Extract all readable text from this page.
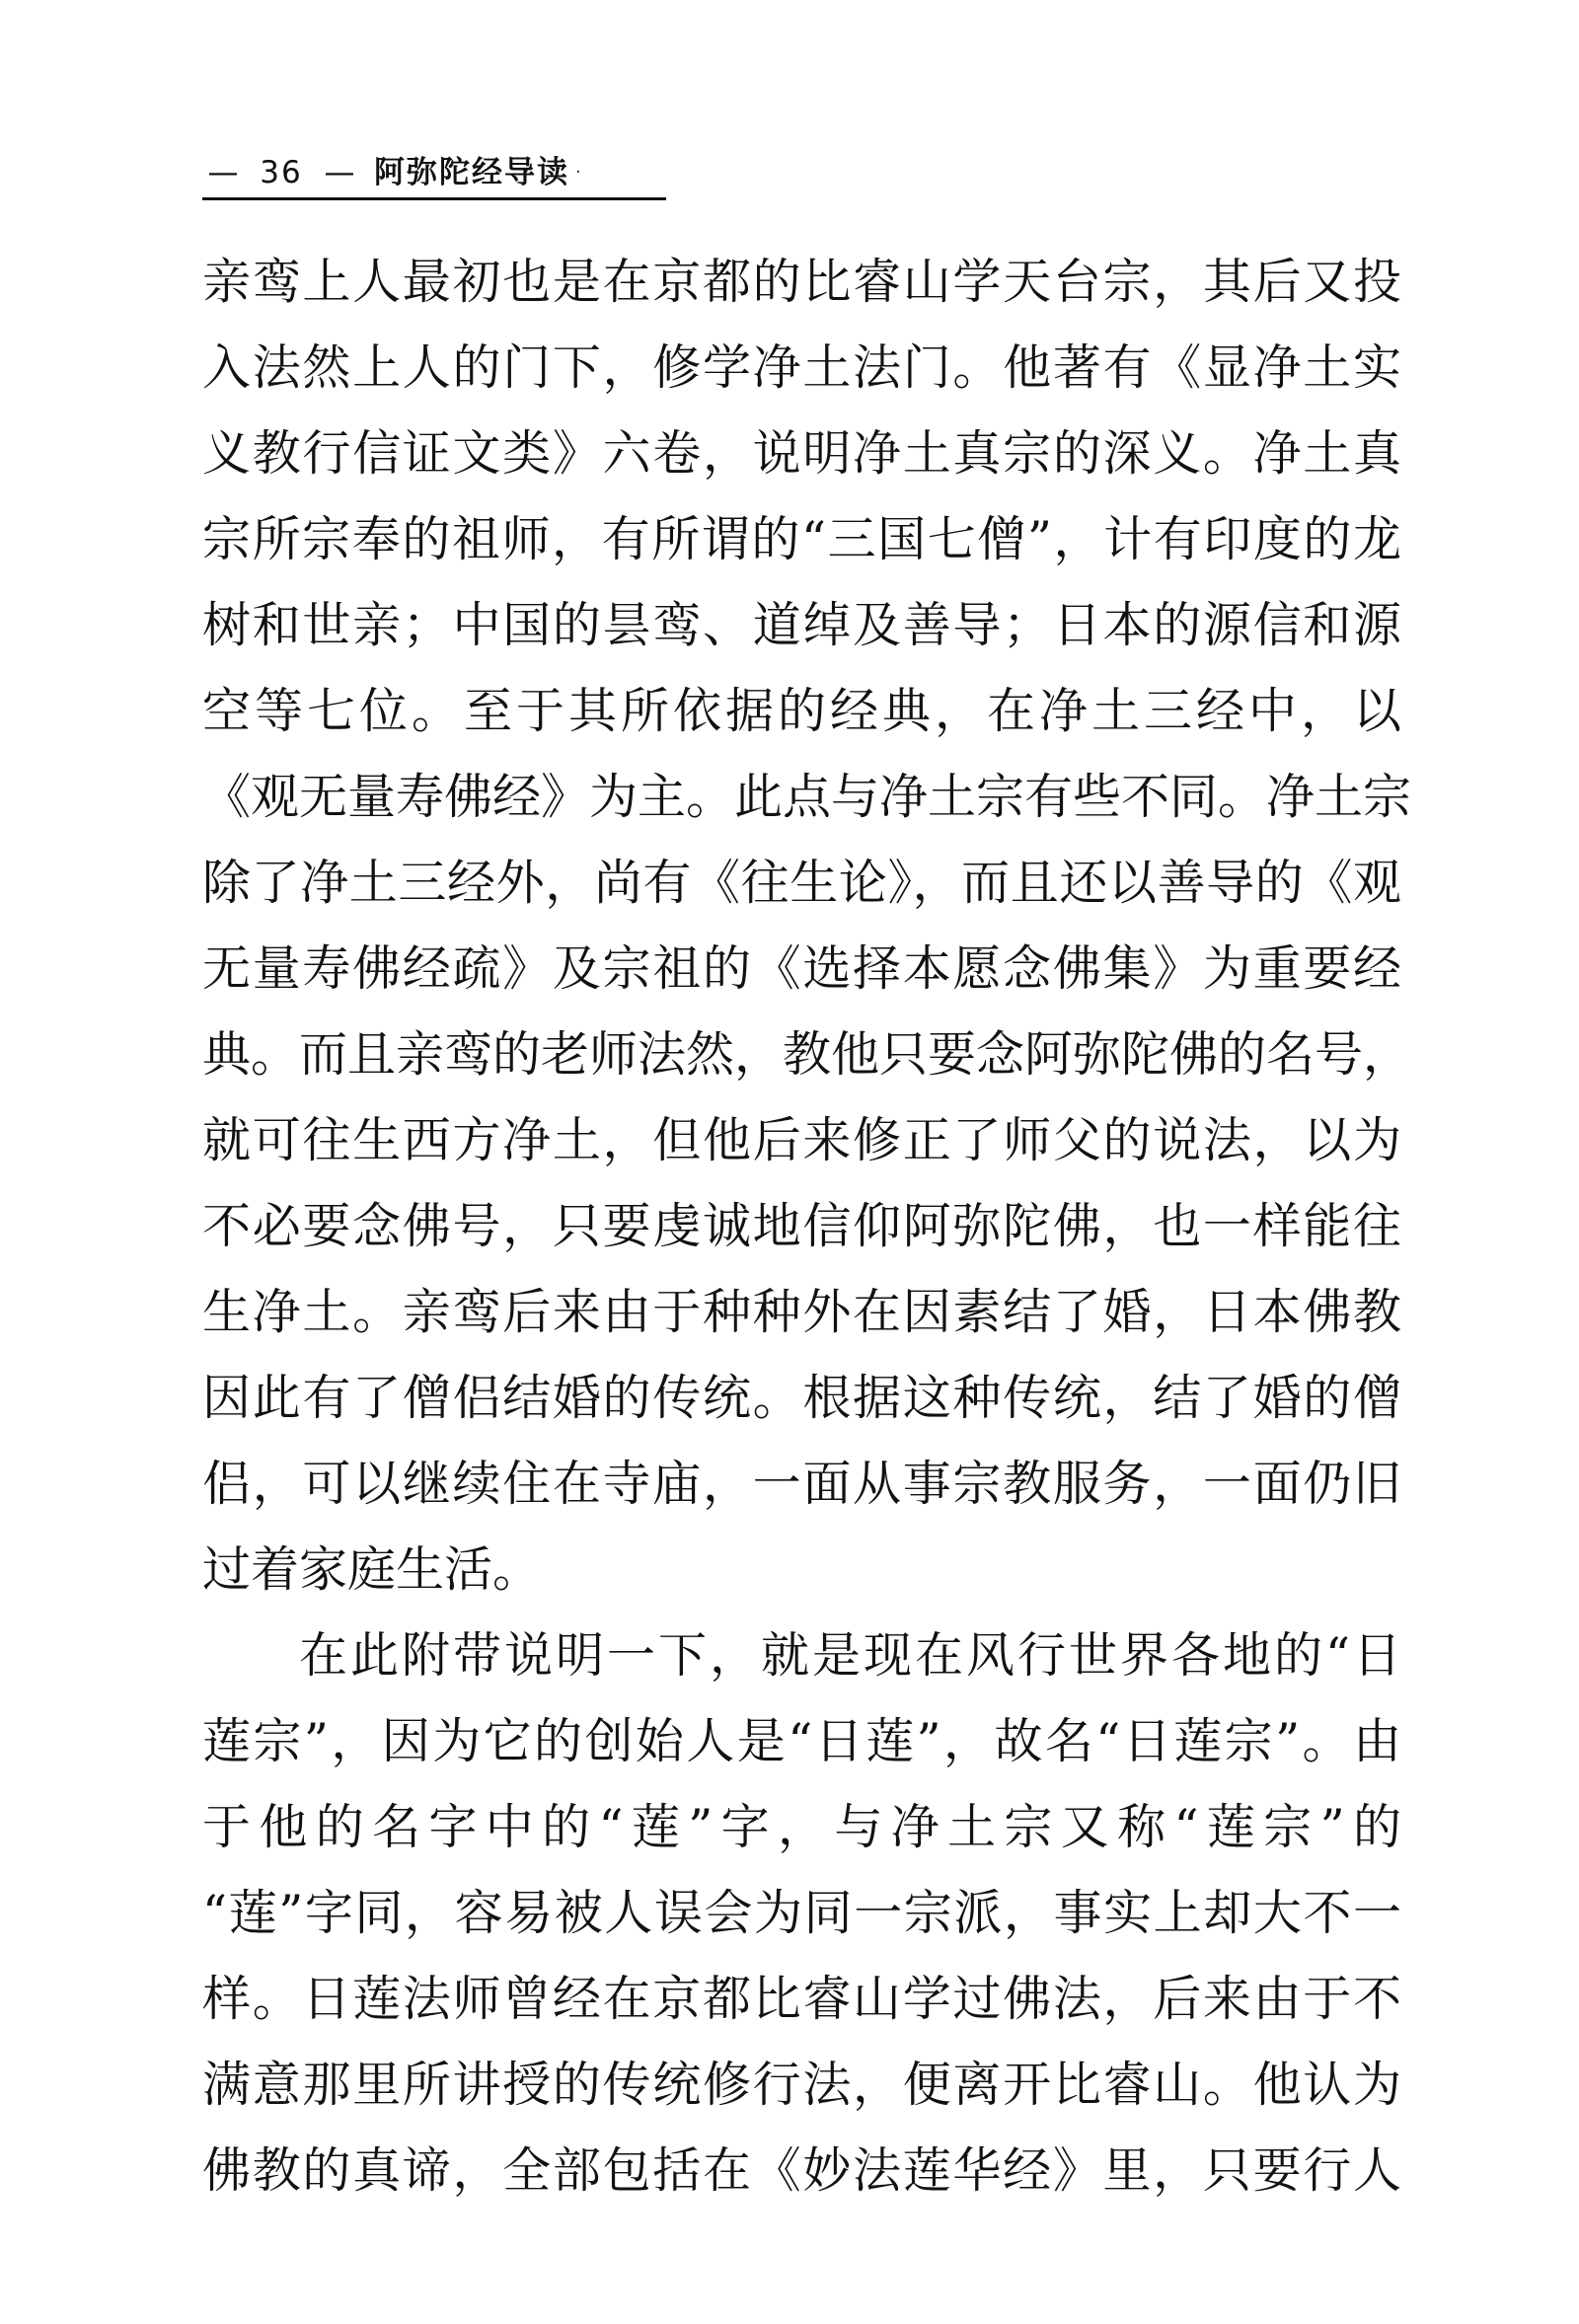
— 36 — 阿弥陀经导读 ·
亲鸾上人最初也是在京都的比睿山学天台宗，其后又投
入法然上人的门下，修学净土法门。他著有《显净土实
义教行信证文类》六卷，说明净土真宗的深义。净土真
宗所宗奉的祖师，有所谓的“三国七僧”，计有印度的龙
树和世亲；中国的昙鸾、道绰及善导；日本的源信和源
空等七位。至于其所依据的经典，在净土三经中，以
《观无量寿佛经》为主。此点与净土宗有些不同。净土宗
除了净土三经外，尚有《往生论》，而且还以善导的《观
无量寿佛经疏》及宗祖的《选择本愿念佛集》为重要经
典。而且亲鸾的老师法然，教他只要念阿弥陀佛的名号，
就可往生西方净土，但他后来修正了师父的说法，以为
不必要念佛号，只要虔诚地信仰阿弥陀佛，也一样能往
生净土。亲鸾后来由于种种外在因素结了婚，日本佛教
因此有了僧侣结婚的传统。根据这种传统，结了婚的僧
侣，可以继续住在寺庙，一面从事宗教服务，一面仍旧
过着家庭生活。
在此附带说明一下，就是现在风行世界各地的“日
莲宗”，因为它的创始人是“日莲”，故名“日莲宗”。由
于他的名字中的“莲”字，与净土宗又称“莲宗”的
“莲”字同，容易被人误会为同一宗派，事实上却大不一
样。日莲法师曾经在京都比睿山学过佛法，后来由于不
满意那里所讲授的传统修行法，便离开比睿山。他认为
佛教的真谛，全部包括在《妙法莲华经》里，只要行人
